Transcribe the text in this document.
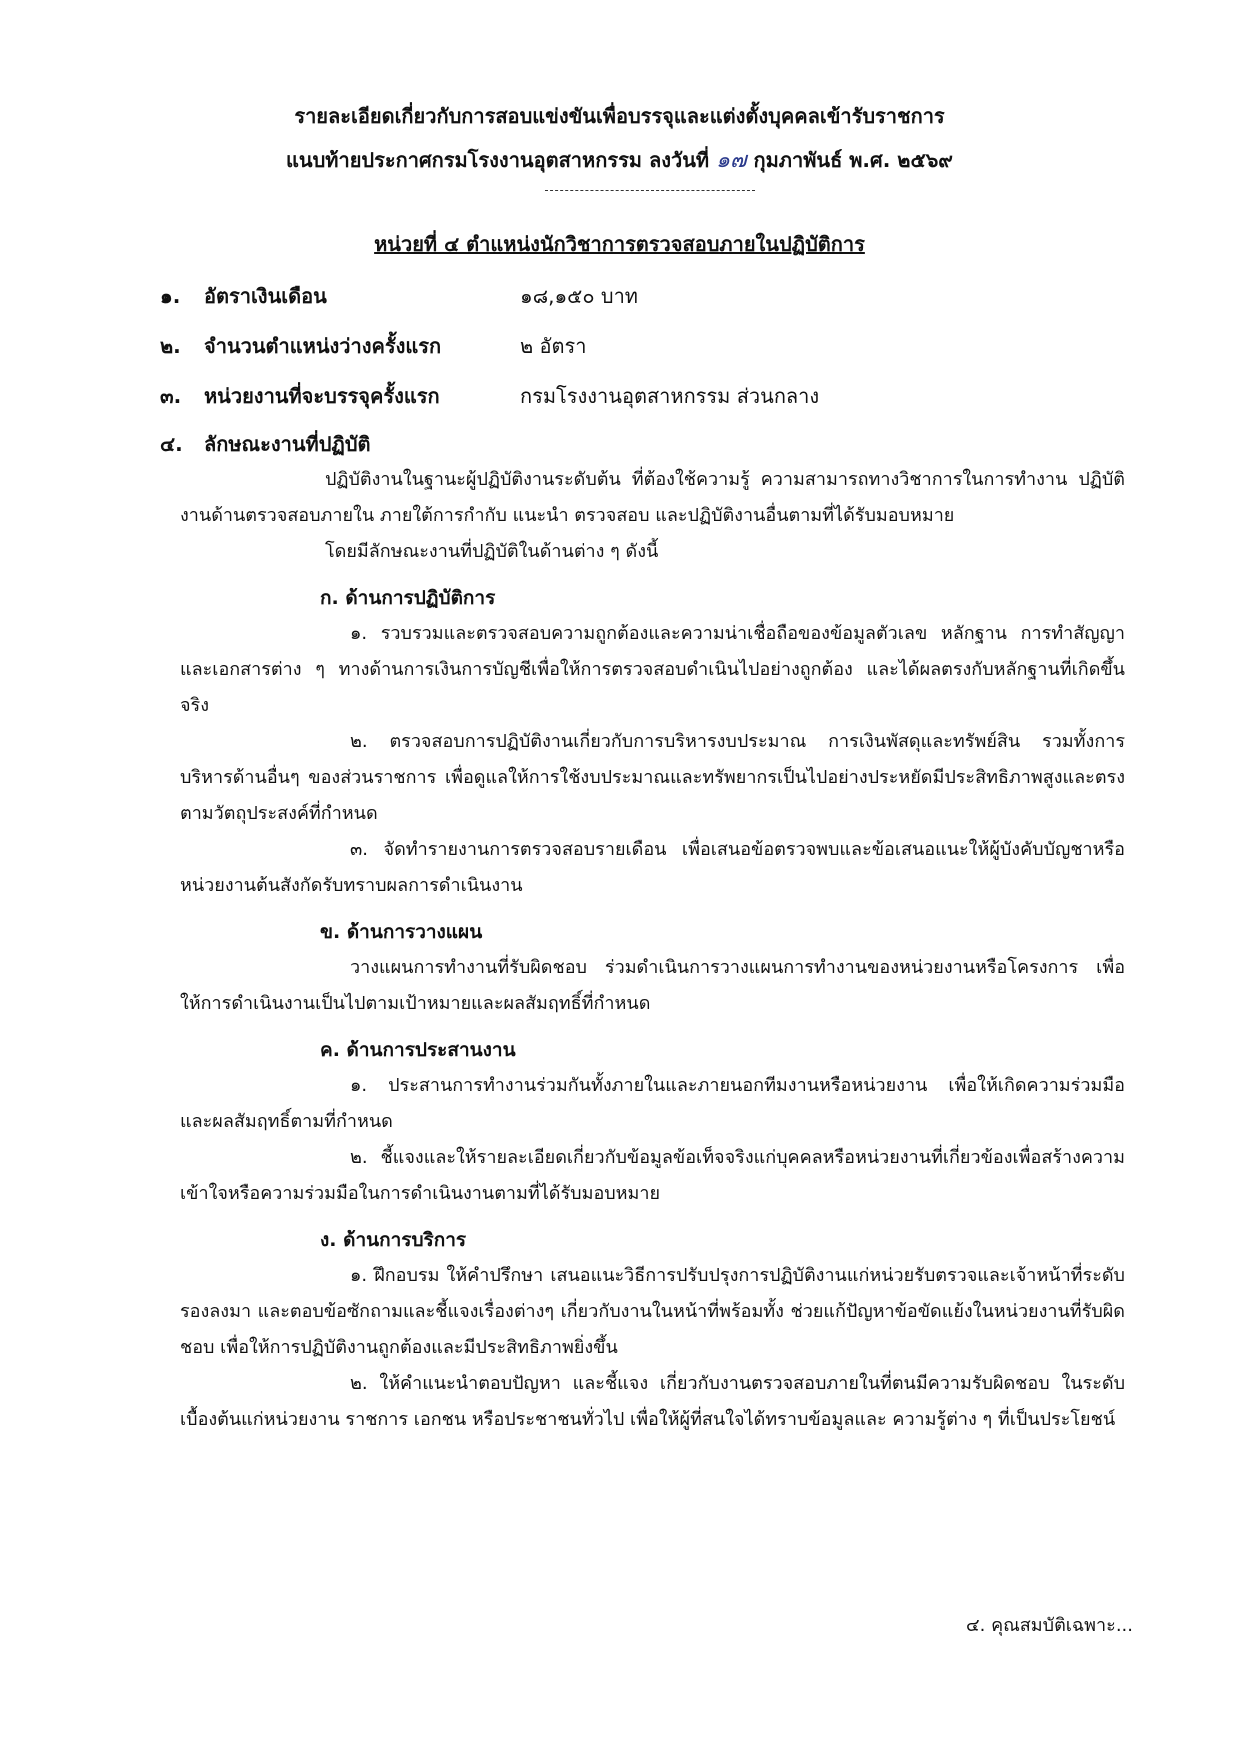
รายละเอียดเกี่ยวกับการสอบแข่งขันเพื่อบรรจุและแต่งตั้งบุคคลเข้ารับราชการ
แนบท้ายประกาศกรมโรงงานอุตสาหกรรม ลงวันที่ ๑๗ กุมภาพันธ์ พ.ศ. ๒๕๖๙
หน่วยที่ ๔ ตำแหน่งนักวิชาการตรวจสอบภายในปฏิบัติการ
๑. อัตราเงินเดือน	๑๘,๑๕๐ บาท
๒. จำนวนตำแหน่งว่างครั้งแรก	๒ อัตรา
๓. หน่วยงานที่จะบรรจุครั้งแรก	กรมโรงงานอุตสาหกรรม ส่วนกลาง
๔. ลักษณะงานที่ปฏิบัติ

ปฏิบัติงานในฐานะผู้ปฏิบัติงานระดับต้น ที่ต้องใช้ความรู้ ความสามารถทางวิชาการในการทำงาน ปฏิบัติงานด้านตรวจสอบภายใน ภายใต้การกำกับ แนะนำ ตรวจสอบ และปฏิบัติงานอื่นตามที่ได้รับมอบหมาย

โดยมีลักษณะงานที่ปฏิบัติในด้านต่าง ๆ ดังนี้

ก. ด้านการปฏิบัติการ

๑. รวบรวมและตรวจสอบความถูกต้องและความน่าเชื่อถือของข้อมูลตัวเลข หลักฐาน การทำสัญญา และเอกสารต่าง ๆ ทางด้านการเงินการบัญชีเพื่อให้การตรวจสอบดำเนินไปอย่างถูกต้อง และได้ผลตรงกับหลักฐานที่เกิดขึ้นจริง

๒. ตรวจสอบการปฏิบัติงานเกี่ยวกับการบริหารงบประมาณ การเงินพัสดุและทรัพย์สิน รวมทั้งการบริหารด้านอื่นๆ ของส่วนราชการ เพื่อดูแลให้การใช้งบประมาณและทรัพยากรเป็นไปอย่างประหยัดมีประสิทธิภาพสูงและตรงตามวัตถุประสงค์ที่กำหนด

๓. จัดทำรายงานการตรวจสอบรายเดือน เพื่อเสนอข้อตรวจพบและข้อเสนอแนะให้ผู้บังคับบัญชาหรือหน่วยงานต้นสังกัดรับทราบผลการดำเนินงาน

ข. ด้านการวางแผน

วางแผนการทำงานที่รับผิดชอบ ร่วมดำเนินการวางแผนการทำงานของหน่วยงานหรือโครงการ เพื่อให้การดำเนินงานเป็นไปตามเป้าหมายและผลสัมฤทธิ์ที่กำหนด

ค. ด้านการประสานงาน

๑. ประสานการทำงานร่วมกันทั้งภายในและภายนอกทีมงานหรือหน่วยงาน เพื่อให้เกิดความร่วมมือและผลสัมฤทธิ์ตามที่กำหนด

๒. ชี้แจงและให้รายละเอียดเกี่ยวกับข้อมูลข้อเท็จจริงแก่บุคคลหรือหน่วยงานที่เกี่ยวข้องเพื่อสร้างความเข้าใจหรือความร่วมมือในการดำเนินงานตามที่ได้รับมอบหมาย

ง. ด้านการบริการ

๑. ฝึกอบรม ให้คำปรึกษา เสนอแนะวิธีการปรับปรุงการปฏิบัติงานแก่หน่วยรับตรวจและเจ้าหน้าที่ระดับรองลงมา และตอบข้อซักถามและชี้แจงเรื่องต่างๆ เกี่ยวกับงานในหน้าที่พร้อมทั้ง ช่วยแก้ปัญหาข้อขัดแย้งในหน่วยงานที่รับผิดชอบ เพื่อให้การปฏิบัติงานถูกต้องและมีประสิทธิภาพยิ่งขึ้น

๒. ให้คำแนะนำตอบปัญหา และชี้แจง เกี่ยวกับงานตรวจสอบภายในที่ตนมีความรับผิดชอบ ในระดับเบื้องต้นแก่หน่วยงาน ราชการ เอกชน หรือประชาชนทั่วไป เพื่อให้ผู้ที่สนใจได้ทราบข้อมูลและ ความรู้ต่าง ๆ ที่เป็นประโยชน์

๔. คุณสมบัติเฉพาะ...
